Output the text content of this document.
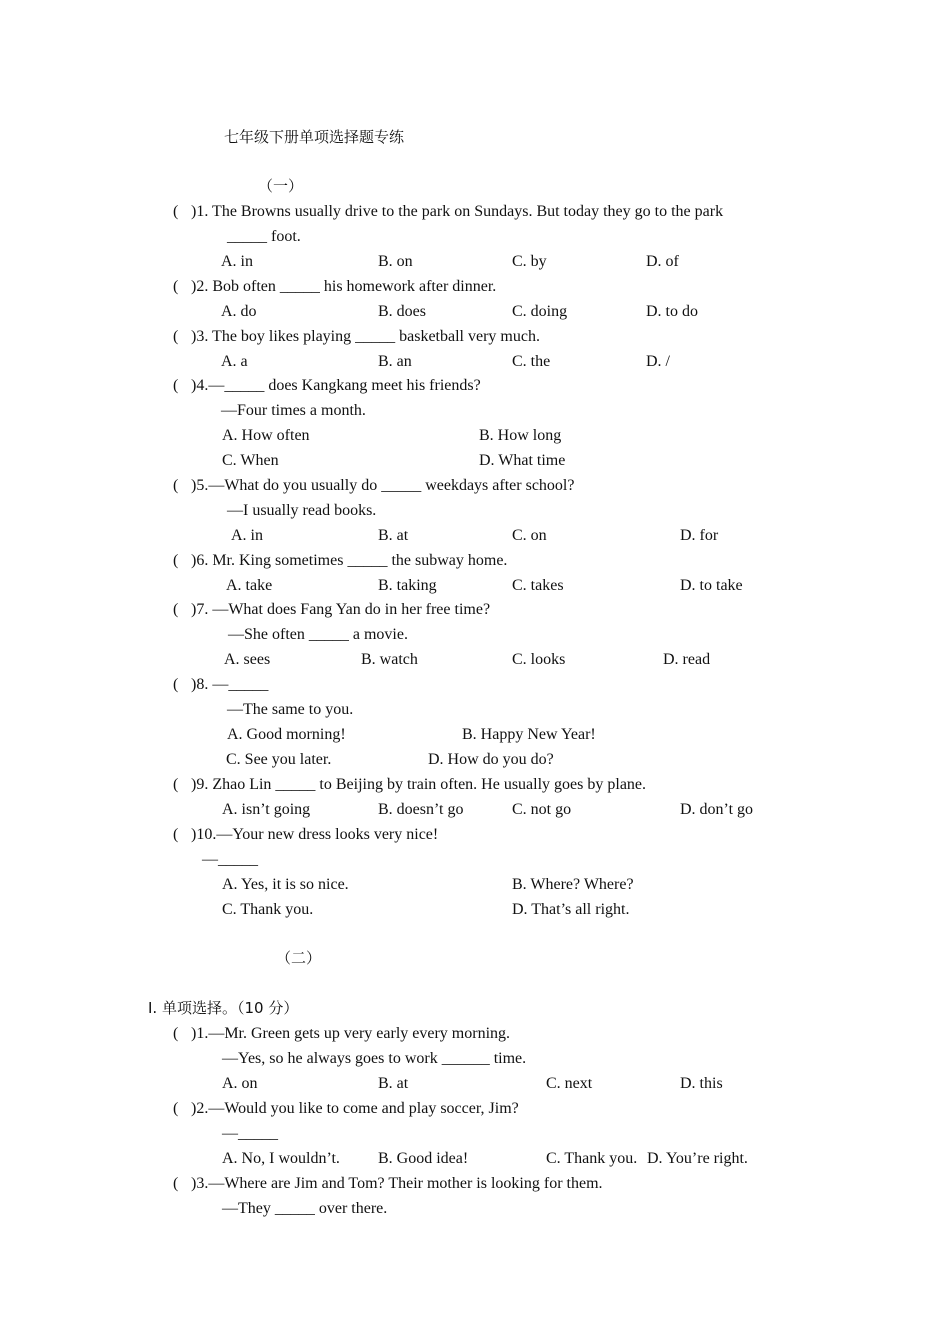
七年级下册单项选择题专练
（一）
( )1. The Browns usually drive to the park on Sundays. But today they go to the park
_____ foot.
A. in	B. on	C. by	D. of
( )2. Bob often _____ his homework after dinner.
A. do	B. does	C. doing	D. to do
( )3. The boy likes playing _____ basketball very much.
A. a	B. an	C. the	D. /
( )4.—_____ does Kangkang meet his friends?
—Four times a month.
A. How often	B. How long
C. When	D. What time
( )5.—What do you usually do _____ weekdays after school?
—I usually read books.
A. in	B. at	C. on	D. for
( )6. Mr. King sometimes _____ the subway home.
A. take	B. taking	C. takes	D. to take
( )7. —What does Fang Yan do in her free time?
—She often _____ a movie.
A. sees	B. watch	C. looks	D. read
( )8. —_____
—The same to you.
A. Good morning!	B. Happy New Year!
C. See you later.	D. How do you do?
( )9. Zhao Lin _____ to Beijing by train often. He usually goes by plane.
A. isn’t going	B. doesn’t go	C. not go	D. don’t go
( )10.—Your new dress looks very nice!
—_____
A. Yes, it is so nice.	B. Where? Where?
C. Thank you.	D. That’s all right.
（二）
Ⅰ. 单项选择。（10 分）
( )1.—Mr. Green gets up very early every morning.
—Yes, so he always goes to work ______ time.
A. on	B. at	C. next	D. this
( )2.—Would you like to come and play soccer, Jim?
—_____
A. No, I wouldn’t. B. Good idea!	C. Thank you. D. You’re right.
( )3.—Where are Jim and Tom? Their mother is looking for them.
—They _____ over there.
